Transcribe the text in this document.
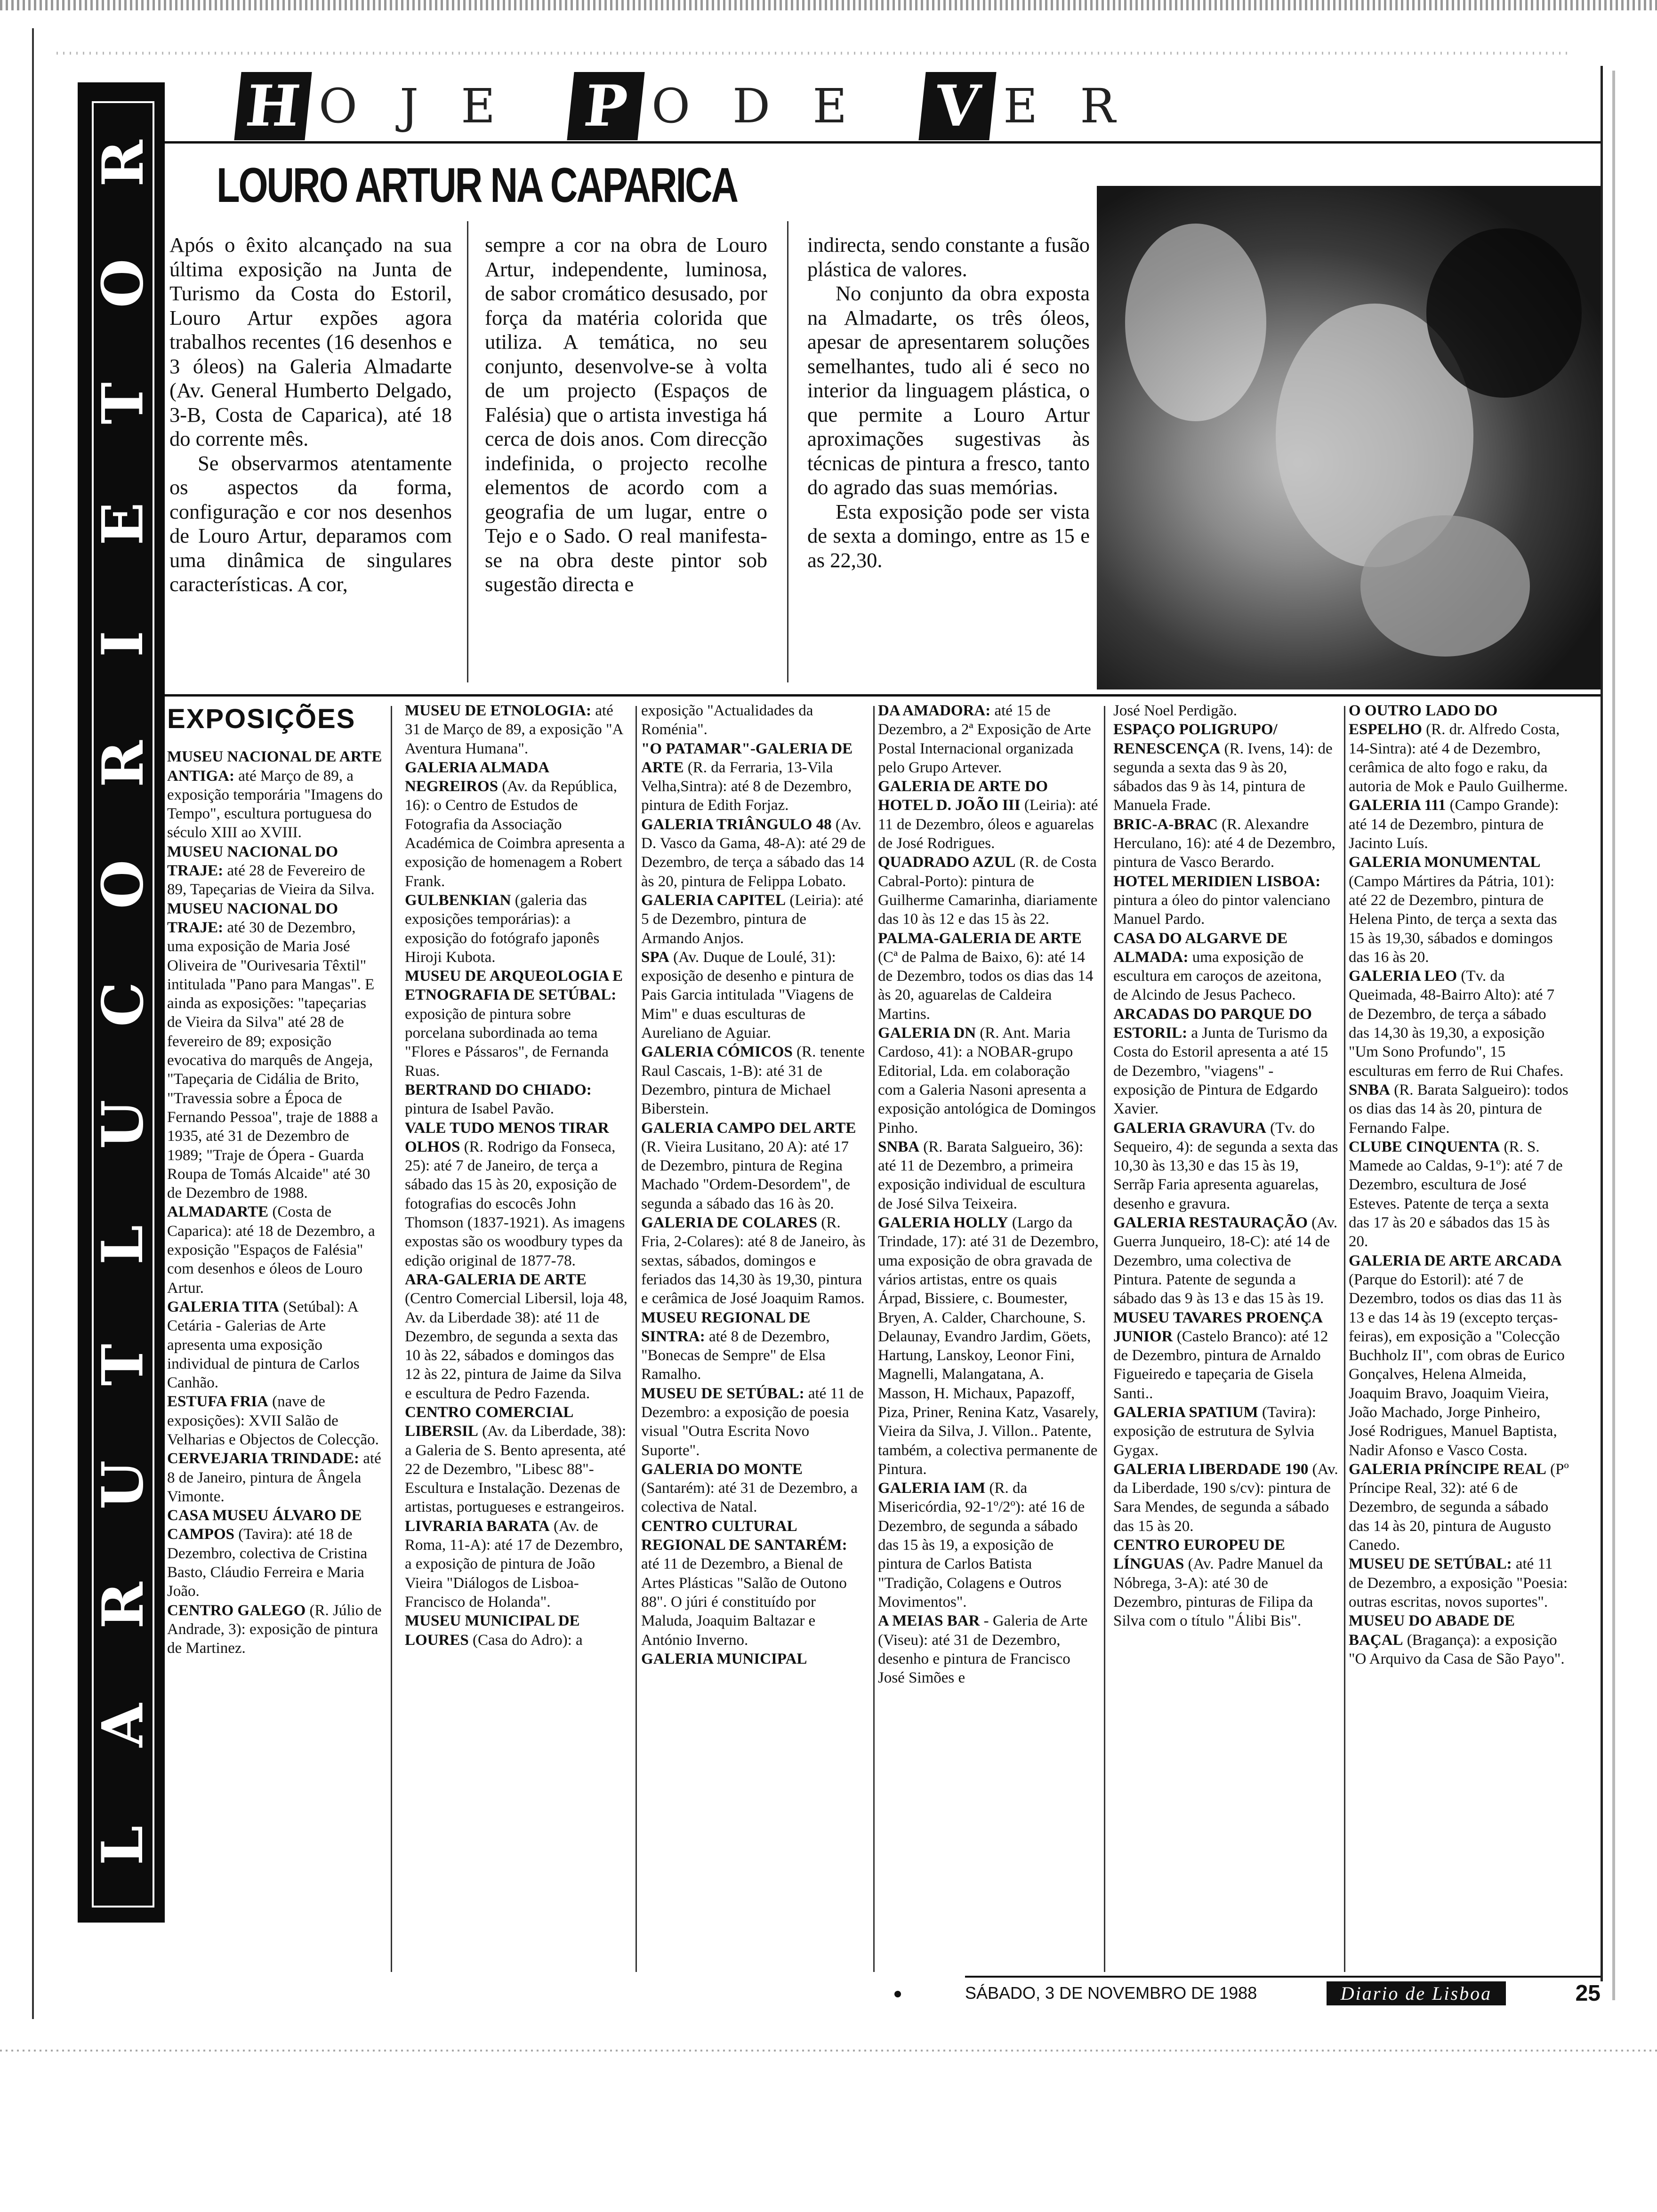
R
O
T
E
I
R
O
C
U
L
T
U
R
A
L
H OJE P ODE V ER
LOURO ARTUR NA CAPARICA

Após o êxito alcançado na sua última exposição na Junta de Turismo da Costa do Estoril, Louro Artur expões agora trabalhos recentes (16 desenhos e 3 óleos) na Galeria Almadarte (Av. General Humberto Delgado, 3-B, Costa de Caparica), até 18 do corrente mês.

Se observarmos atentamente os aspectos da forma, configuração e cor nos desenhos de Louro Artur, deparamos com uma dinâmica de singulares características. A cor,

sempre a cor na obra de Louro Artur, independente, luminosa, de sabor cromático desusado, por força da matéria colorida que utiliza. A temática, no seu conjunto, desenvolve-se à volta de um projecto (Espaços de Falésia) que o artista investiga há cerca de dois anos. Com direcção indefinida, o projecto recolhe elementos de acordo com a geografia de um lugar, entre o Tejo e o Sado. O real manifesta-se na obra deste pintor sob sugestão directa e

indirecta, sendo constante a fusão plástica de valores.

No conjunto da obra exposta na Almadarte, os três óleos, apesar de apresentarem soluções semelhantes, tudo ali é seco no interior da linguagem plástica, o que permite a Louro Artur aproximações sugestivas às técnicas de pintura a fresco, tanto do agrado das suas memórias.

Esta exposição pode ser vista de sexta a domingo, entre as 15 e as 22,30.

EXPOSIÇÕES

MUSEU NACIONAL DE ARTE ANTIGA: até Março de 89, a exposição temporária "Imagens do Tempo", escultura portuguesa do século XIII ao XVIII.

MUSEU NACIONAL DO TRAJE: até 28 de Fevereiro de 89, Tapeçarias de Vieira da Silva.

MUSEU NACIONAL DO TRAJE: até 30 de Dezembro, uma exposição de Maria José Oliveira de "Ourivesaria Têxtil" intitulada "Pano para Mangas". E ainda as exposições: "tapeçarias de Vieira da Silva" até 28 de fevereiro de 89; exposição evocativa do marquês de Angeja, "Tapeçaria de Cidália de Brito, "Travessia sobre a Época de Fernando Pessoa", traje de 1888 a 1935, até 31 de Dezembro de 1989; "Traje de Ópera - Guarda Roupa de Tomás Alcaide" até 30 de Dezembro de 1988.

ALMADARTE (Costa de Caparica): até 18 de Dezembro, a exposição "Espaços de Falésia" com desenhos e óleos de Louro Artur.

GALERIA TITA (Setúbal): A Cetária - Galerias de Arte apresenta uma exposição individual de pintura de Carlos Canhão.

ESTUFA FRIA (nave de exposições): XVII Salão de Velharias e Objectos de Colecção.

CERVEJARIA TRINDADE: até 8 de Janeiro, pintura de Ângela Vimonte.

CASA MUSEU ÁLVARO DE CAMPOS (Tavira): até 18 de Dezembro, colectiva de Cristina Basto, Cláudio Ferreira e Maria João.

CENTRO GALEGO (R. Júlio de Andrade, 3): exposição de pintura de Martinez.

MUSEU DE ETNOLOGIA: até 31 de Março de 89, a exposição "A Aventura Humana".

GALERIA ALMADA NEGREIROS (Av. da República, 16): o Centro de Estudos de Fotografia da Associação Académica de Coimbra apresenta a exposição de homenagem a Robert Frank.

GULBENKIAN (galeria das exposições temporárias): a exposição do fotógrafo japonês Hiroji Kubota.

MUSEU DE ARQUEOLOGIA E ETNOGRAFIA DE SETÚBAL: exposição de pintura sobre porcelana subordinada ao tema "Flores e Pássaros", de Fernanda Ruas.

BERTRAND DO CHIADO: pintura de Isabel Pavão.

VALE TUDO MENOS TIRAR OLHOS (R. Rodrigo da Fonseca, 25): até 7 de Janeiro, de terça a sábado das 15 às 20, exposição de fotografias do escocês John Thomson (1837-1921). As imagens expostas são os woodbury types da edição original de 1877-78.

ARA-GALERIA DE ARTE (Centro Comercial Libersil, loja 48, Av. da Liberdade 38): até 11 de Dezembro, de segunda a sexta das 10 às 22, sábados e domingos das 12 às 22, pintura de Jaime da Silva e escultura de Pedro Fazenda.

CENTRO COMERCIAL LIBERSIL (Av. da Liberdade, 38): a Galeria de S. Bento apresenta, até 22 de Dezembro, "Libesc 88"- Escultura e Instalação. Dezenas de artistas, portugueses e estrangeiros.

LIVRARIA BARATA (Av. de Roma, 11-A): até 17 de Dezembro, a exposição de pintura de João Vieira "Diálogos de Lisboa-Francisco de Holanda".

MUSEU MUNICIPAL DE LOURES (Casa do Adro): a

exposição "Actualidades da Roménia".

"O PATAMAR"-GALERIA DE ARTE (R. da Ferraria, 13-Vila Velha,Sintra): até 8 de Dezembro, pintura de Edith Forjaz.

GALERIA TRIÂNGULO 48 (Av. D. Vasco da Gama, 48-A): até 29 de Dezembro, de terça a sábado das 14 às 20, pintura de Felippa Lobato.

GALERIA CAPITEL (Leiria): até 5 de Dezembro, pintura de Armando Anjos.

SPA (Av. Duque de Loulé, 31): exposição de desenho e pintura de Pais Garcia intitulada "Viagens de Mim" e duas esculturas de Aureliano de Aguiar.

GALERIA CÓMICOS (R. tenente Raul Cascais, 1-B): até 31 de Dezembro, pintura de Michael Biberstein.

GALERIA CAMPO DEL ARTE (R. Vieira Lusitano, 20 A): até 17 de Dezembro, pintura de Regina Machado "Ordem-Desordem", de segunda a sábado das 16 às 20.

GALERIA DE COLARES (R. Fria, 2-Colares): até 8 de Janeiro, às sextas, sábados, domingos e feriados das 14,30 às 19,30, pintura e cerâmica de José Joaquim Ramos.

MUSEU REGIONAL DE SINTRA: até 8 de Dezembro, "Bonecas de Sempre" de Elsa Ramalho.

MUSEU DE SETÚBAL: até 11 de Dezembro: a exposição de poesia visual "Outra Escrita Novo Suporte".

GALERIA DO MONTE (Santarém): até 31 de Dezembro, a colectiva de Natal.

CENTRO CULTURAL REGIONAL DE SANTARÉM: até 11 de Dezembro, a Bienal de Artes Plásticas "Salão de Outono 88". O júri é constituído por Maluda, Joaquim Baltazar e António Inverno.

GALERIA MUNICIPAL

DA AMADORA: até 15 de Dezembro, a 2ª Exposição de Arte Postal Internacional organizada pelo Grupo Artever.

GALERIA DE ARTE DO HOTEL D. JOÃO III (Leiria): até 11 de Dezembro, óleos e aguarelas de José Rodrigues.

QUADRADO AZUL (R. de Costa Cabral-Porto): pintura de Guilherme Camarinha, diariamente das 10 às 12 e das 15 às 22.

PALMA-GALERIA DE ARTE (Cª de Palma de Baixo, 6): até 14 de Dezembro, todos os dias das 14 às 20, aguarelas de Caldeira Martins.

GALERIA DN (R. Ant. Maria Cardoso, 41): a NOBAR-grupo Editorial, Lda. em colaboração com a Galeria Nasoni apresenta a exposição antológica de Domingos Pinho.

SNBA (R. Barata Salgueiro, 36): até 11 de Dezembro, a primeira exposição individual de escultura de José Silva Teixeira.

GALERIA HOLLY (Largo da Trindade, 17): até 31 de Dezembro, uma exposição de obra gravada de vários artistas, entre os quais Árpad, Bissiere, c. Boumester, Bryen, A. Calder, Charchoune, S. Delaunay, Evandro Jardim, Göets, Hartung, Lanskoy, Leonor Fini, Magnelli, Malangatana, A. Masson, H. Michaux, Papazoff, Piza, Priner, Renina Katz, Vasarely, Vieira da Silva, J. Villon.. Patente, também, a colectiva permanente de Pintura.

GALERIA IAM (R. da Misericórdia, 92-1º/2º): até 16 de Dezembro, de segunda a sábado das 15 às 19, a exposição de pintura de Carlos Batista "Tradição, Colagens e Outros Movimentos".

A MEIAS BAR - Galeria de Arte (Viseu): até 31 de Dezembro, desenho e pintura de Francisco José Simões e

José Noel Perdigão.

ESPAÇO POLIGRUPO/ RENESCENÇA (R. Ivens, 14): de segunda a sexta das 9 às 20, sábados das 9 às 14, pintura de Manuela Frade.

BRIC-A-BRAC (R. Alexandre Herculano, 16): até 4 de Dezembro, pintura de Vasco Berardo.

HOTEL MERIDIEN LISBOA: pintura a óleo do pintor valenciano Manuel Pardo.

CASA DO ALGARVE DE ALMADA: uma exposição de escultura em caroços de azeitona, de Alcindo de Jesus Pacheco.

ARCADAS DO PARQUE DO ESTORIL: a Junta de Turismo da Costa do Estoril apresenta a até 15 de Dezembro, "viagens" - exposição de Pintura de Edgardo Xavier.

GALERIA GRAVURA (Tv. do Sequeiro, 4): de segunda a sexta das 10,30 às 13,30 e das 15 às 19, Serrãp Faria apresenta aguarelas, desenho e gravura.

GALERIA RESTAURAÇÃO (Av. Guerra Junqueiro, 18-C): até 14 de Dezembro, uma colectiva de Pintura. Patente de segunda a sábado das 9 às 13 e das 15 às 19.

MUSEU TAVARES PROENÇA JUNIOR (Castelo Branco): até 12 de Dezembro, pintura de Arnaldo Figueiredo e tapeçaria de Gisela Santi..

GALERIA SPATIUM (Tavira): exposição de estrutura de Sylvia Gygax.

GALERIA LIBERDADE 190 (Av. da Liberdade, 190 s/cv): pintura de Sara Mendes, de segunda a sábado das 15 às 20.

CENTRO EUROPEU DE LÍNGUAS (Av. Padre Manuel da Nóbrega, 3-A): até 30 de Dezembro, pinturas de Filipa da Silva com o título "Álibi Bis".

O OUTRO LADO DO ESPELHO (R. dr. Alfredo Costa, 14-Sintra): até 4 de Dezembro, cerâmica de alto fogo e raku, da autoria de Mok e Paulo Guilherme.

GALERIA 111 (Campo Grande): até 14 de Dezembro, pintura de Jacinto Luís.

GALERIA MONUMENTAL (Campo Mártires da Pátria, 101): até 22 de Dezembro, pintura de Helena Pinto, de terça a sexta das 15 às 19,30, sábados e domingos das 16 às 20.

GALERIA LEO (Tv. da Queimada, 48-Bairro Alto): até 7 de Dezembro, de terça a sábado das 14,30 às 19,30, a exposição "Um Sono Profundo", 15 esculturas em ferro de Rui Chafes.

SNBA (R. Barata Salgueiro): todos os dias das 14 às 20, pintura de Fernando Falpe.

CLUBE CINQUENTA (R. S. Mamede ao Caldas, 9-1º): até 7 de Dezembro, escultura de José Esteves. Patente de terça a sexta das 17 às 20 e sábados das 15 às 20.

GALERIA DE ARTE ARCADA (Parque do Estoril): até 7 de Dezembro, todos os dias das 11 às 13 e das 14 às 19 (excepto terças-feiras), em exposição a "Colecção Buchholz II", com obras de Eurico Gonçalves, Helena Almeida, Joaquim Bravo, Joaquim Vieira, João Machado, Jorge Pinheiro, José Rodrigues, Manuel Baptista, Nadir Afonso e Vasco Costa.

GALERIA PRÍNCIPE REAL (Pº Príncipe Real, 32): até 6 de Dezembro, de segunda a sábado das 14 às 20, pintura de Augusto Canedo.

MUSEU DE SETÚBAL: até 11 de Dezembro, a exposição "Poesia: outras escritas, novos suportes".

MUSEU DO ABADE DE BAÇAL (Bragança): a exposição "O Arquivo da Casa de São Payo".

SÁBADO, 3 DE NOVEMBRO DE 1988	Diario de Lisboa	25
